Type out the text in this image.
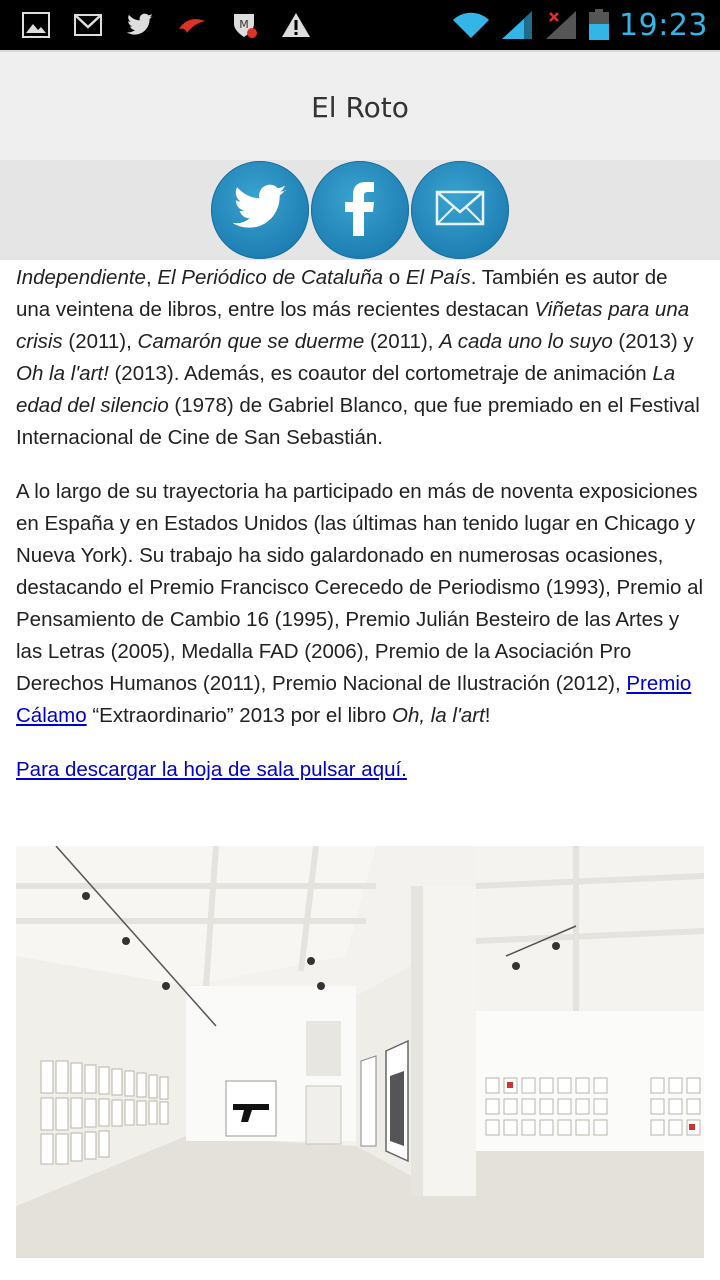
M	19:23
El Roto

Independiente, El Periódico de Cataluña o El País. También es autor de una veintena de libros, entre los más recientes destacan Viñetas para una crisis (2011), Camarón que se duerme (2011), A cada uno lo suyo (2013) y Oh la l'art! (2013). Además, es coautor del cortometraje de animación La edad del silencio (1978) de Gabriel Blanco, que fue premiado en el Festival Internacional de Cine de San Sebastián.

A lo largo de su trayectoria ha participado en más de noventa exposiciones en España y en Estados Unidos (las últimas han tenido lugar en Chicago y Nueva York). Su trabajo ha sido galardonado en numerosas ocasiones, destacando el Premio Francisco Cerecedo de Periodismo (1993), Premio al Pensamiento de Cambio 16 (1995), Premio Julián Besteiro de las Artes y las Letras (2005), Medalla FAD (2006), Premio de la Asociación Pro Derechos Humanos (2011), Premio Nacional de Ilustración (2012), Premio Cálamo “Extraordinario” 2013 por el libro Oh, la l'art!

Para descargar la hoja de sala pulsar aquí.
